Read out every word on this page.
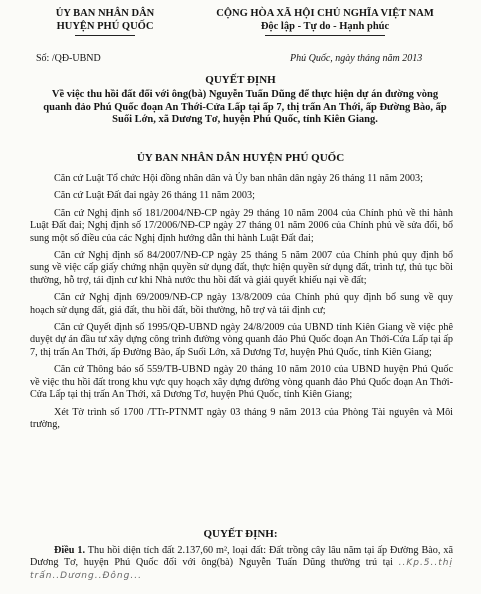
ỦY BAN NHÂN DÂN
HUYỆN PHÚ QUỐC
CỘNG HÒA XÃ HỘI CHỦ NGHĨA VIỆT NAM
Độc lập - Tự do - Hạnh phúc
Số: /QĐ-UBND	Phú Quốc, ngày tháng năm 2013
QUYẾT ĐỊNH
Về việc thu hồi đất đối với ông(bà) Nguyễn Tuấn Dũng để thực hiện dự án đường vòng quanh đảo Phú Quốc đoạn An Thới-Cửa Lấp tại ấp 7, thị trấn An Thới, ấp Đường Bào, ấp Suối Lớn, xã Dương Tơ, huyện Phú Quốc, tỉnh Kiên Giang.
ỦY BAN NHÂN DÂN HUYỆN PHÚ QUỐC

Căn cứ Luật Tổ chức Hội đồng nhân dân và Ủy ban nhân dân ngày 26 tháng 11 năm 2003;

Căn cứ Luật Đất đai ngày 26 tháng 11 năm 2003;

Căn cứ Nghị định số 181/2004/NĐ-CP ngày 29 tháng 10 năm 2004 của Chính phủ về thi hành Luật Đất đai; Nghị định số 17/2006/NĐ-CP ngày 27 tháng 01 năm 2006 của Chính phủ về sửa đổi, bổ sung một số điều của các Nghị định hướng dẫn thi hành Luật Đất đai;

Căn cứ Nghị định số 84/2007/NĐ-CP ngày 25 tháng 5 năm 2007 của Chính phủ quy định bổ sung về việc cấp giấy chứng nhận quyền sử dụng đất, thực hiện quyền sử dụng đất, trình tự, thủ tục bồi thường, hỗ trợ, tái định cư khi Nhà nước thu hồi đất và giải quyết khiếu nại về đất;

Căn cứ Nghị định 69/2009/NĐ-CP ngày 13/8/2009 của Chính phủ quy định bổ sung về quy hoạch sử dụng đất, giá đất, thu hồi đất, bồi thường, hỗ trợ và tái định cư;

Căn cứ Quyết định số 1995/QĐ-UBND ngày 24/8/2009 của UBND tỉnh Kiên Giang về việc phê duyệt dự án đầu tư xây dựng công trình đường vòng quanh đảo Phú Quốc đoạn An Thới-Cửa Lấp tại ấp 7, thị trấn An Thới, ấp Đường Bào, ấp Suối Lớn, xã Dương Tơ, huyện Phú Quốc, tỉnh Kiên Giang;

Căn cứ Thông báo số 559/TB-UBND ngày 20 tháng 10 năm 2010 của UBND huyện Phú Quốc về việc thu hồi đất trong khu vực quy hoạch xây dựng đường vòng quanh đảo Phú Quốc đoạn An Thới-Cửa Lấp tại thị trấn An Thới, xã Dương Tơ, huyện Phú Quốc, tỉnh Kiên Giang;

Xét Tờ trình số 1700 /TTr-PTNMT ngày 03 tháng 9 năm 2013 của Phòng Tài nguyên và Môi trường,

QUYẾT ĐỊNH:
Điều 1. Thu hồi diện tích đất 2.137,60 m², loại đất: Đất trồng cây lâu năm tại ấp Đường Bào, xã Dương Tơ, huyện Phú Quốc đối với ông(bà) Nguyễn Tuấn Dũng thường trú tại ..Kp.5..thị trấn..Dương..Đông...
